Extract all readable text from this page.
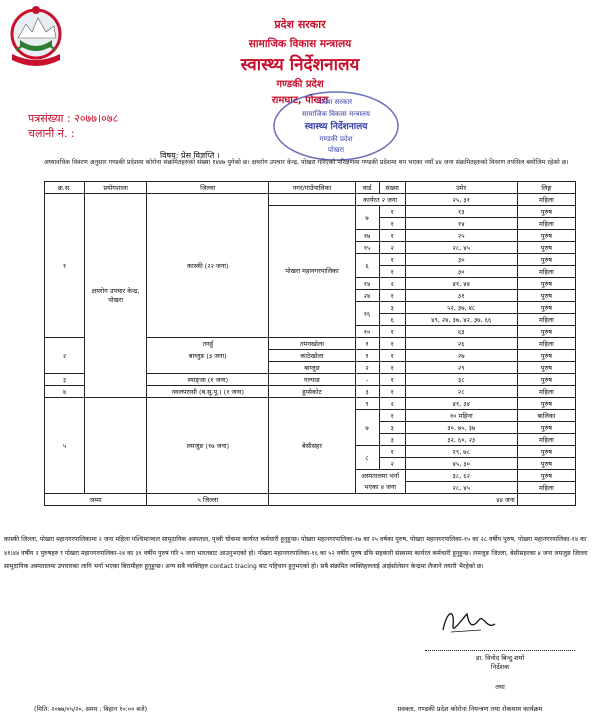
प्रदेश सरकार
सामाजिक विकास मन्त्रालय
स्वास्थ्य निर्देशनालय
गण्डकी प्रदेश
रामघाट, पोखरा
प्रदेश सरकार
सामाजिक विकास मन्त्रालय
स्वास्थ्य निर्देशनालय
गण्डकी प्रदेश
पोखरा
पत्रसंख्या : २०७७।०७८
चलानी नं. :
विषय: प्रेस विज्ञप्ति ।
अघ्यावधिक विवरण अनुसार गण्डकी प्रदेशमा कोरोना संक्रमितहरुको संख्या १४४७ पुगेको छ। क्षयरोग उपचार केन्द्र, पोखरा गरिएको परिक्षणमा गण्डकी प्रदेशमा थप भएका नयाँ ४४ जना संक्रमितहरुको विवरण तपसिल बमोजिम रहेको छ।
क्र.स.	प्रयोगशाला	जिल्ला	नगर/गाउँपालिका	वार्ड	संख्या	उमेर	लिङ्ग
१	क्षयरोग उपचार केन्द्र, पोखरा	कास्की (२२ जना)		कार्यरत २ जना		२५, ३१	महिला
			पोखरा महानगरपालिका	७	१	१३	पुरुष
					१	१४	महिला
				१७	१	२५	पुरुष
				१५	२	२८, ४५	पुरुष
				६	१	३०	पुरुष
					१	३०	महिला
				१४	२	४१, ४४	पुरुष
				२४	१	३१	पुरुष
				१६	३	५२, ३७, ४८	पुरुष
					६	४९, २४, ३७, ४२, ३७, ६६	महिला
				१०	१	६३	पुरुष
२		तनहुँ	तमनखोला	१	१	२६	महिला
		बाग्लुङ (३ जना)	काठेखोला	१	१	२७	पुरुष
			बाग्लुङ	२	१	२९	पुरुष
३		स्याङ्जा (१ जना)	गल्याङ	-	१	३८	पुरुष
४		नवलपरासी (ब.सु.पू.) (१ जना)	हुप्सेकोट	३	१	२८	महिला
५		लमजुङ (१७ जना)	बेसीसहर	९	२	४१, ३४	पुरुष
				७	१	१० महिना	बालिका
					३	३०, ७५, ३७	पुरुष
					३	३२, ६०, २३	महिला
				८	१	२९, ७८	पुरुष
					२	४५, ३०	पुरुष
				अस्पतालमा भर्ना		३८, ६२	पुरुष
				भएका ४ जना		२८, ४५	महिला
जम्मा		५ जिल्ला	४४ जना				
कास्की जिल्ला, पोखरा महानगरपालिकामा २ जना महिला पश्चिमाञ्चल सामुदायिक अस्पताल, पृथ्वी चोकमा कार्यरत कर्मचारी हुनुहुन्छ। पोखरा महानगरपालिका-१७ का २५ वर्षका पुरुष, पोखरा महानगरपालिका-१५ का २८ वर्षीय पुरुष, पोखरा महानगरपालिका-१४ का ४१।४४ वर्षीय २ पुरुषहरु र पोखरा महानगरपालिका-२४ का ३१ वर्षीय पुरुष गरि ५ जना भारतबाट आउनुभएको हो। पोखरा महानगरपालिका-१६ का ५२ वर्षीय पुरुष डाँफे सहकारी संस्थामा कार्यरत कर्मचारी हुनुहुन्छ। लमजुङ जिल्ला, बेसीसहरका ४ जना लमजुङ जिल्ला सामुदायिक अस्पतालमा उपचारका लागि भर्ना भएका बिरामीहरु हुनुहुन्छ। अन्य सबै व्यक्तिहरु contact tracing बाट पहिचान हुनुभएको हो। सबै संक्रमित व्यक्तिहरुलाई आईसोलेसन केन्द्रमा लैजाने तयारी भैरहेको छ।
डा. विनोद बिन्दु शर्मा
निर्देशक
तथा
प्रवक्ता, गण्डकी प्रदेश कोरोना नियन्त्रण तथा रोकथाम कार्यक्रम
(मिति: २०७७/०५/२०, समय : बिहान १०:०० बजे)
